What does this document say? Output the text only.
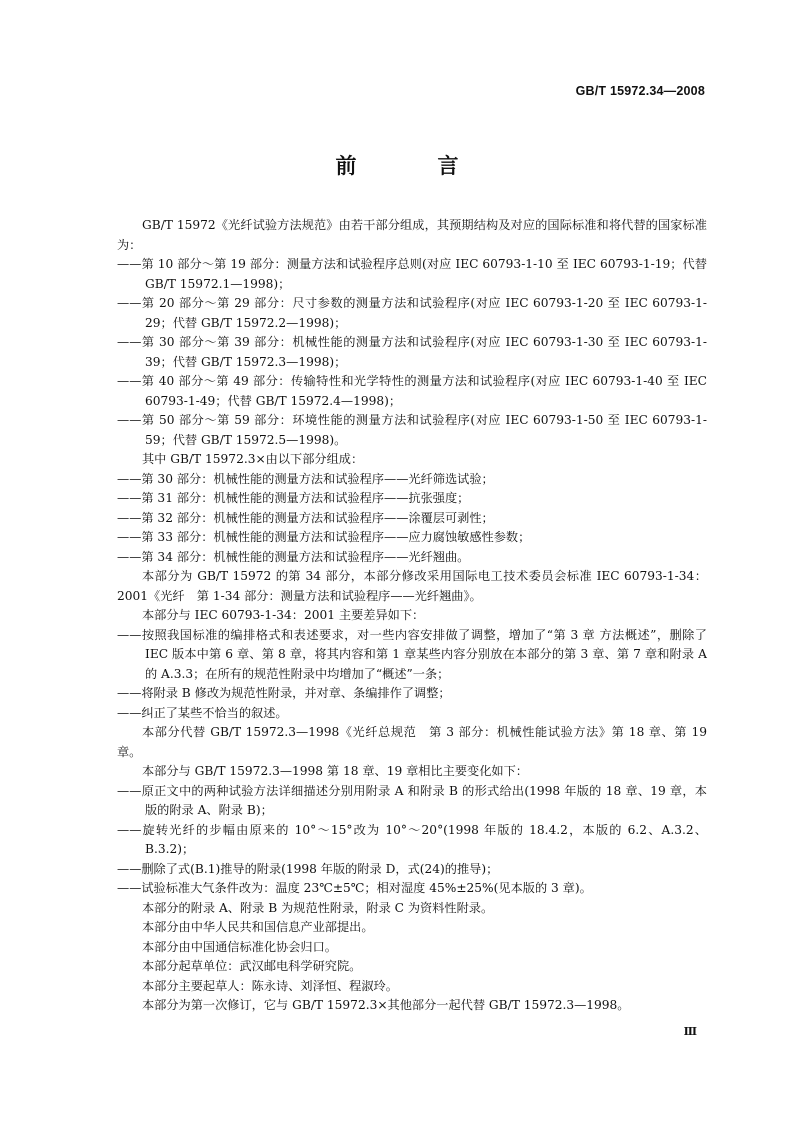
GB/T 15972.34—2008
前　言

GB/T 15972《光纤试验方法规范》由若干部分组成，其预期结构及对应的国际标准和将代替的国家标准为：

——第 10 部分～第 19 部分：测量方法和试验程序总则(对应 IEC 60793-1-10 至 IEC 60793-1-19；代替 GB/T 15972.1—1998)；

——第 20 部分～第 29 部分：尺寸参数的测量方法和试验程序(对应 IEC 60793-1-20 至 IEC 60793-1-29；代替 GB/T 15972.2—1998)；

——第 30 部分～第 39 部分：机械性能的测量方法和试验程序(对应 IEC 60793-1-30 至 IEC 60793-1-39；代替 GB/T 15972.3—1998)；

——第 40 部分～第 49 部分：传输特性和光学特性的测量方法和试验程序(对应 IEC 60793-1-40 至 IEC 60793-1-49；代替 GB/T 15972.4—1998)；

——第 50 部分～第 59 部分：环境性能的测量方法和试验程序(对应 IEC 60793-1-50 至 IEC 60793-1-59；代替 GB/T 15972.5—1998)。

其中 GB/T 15972.3×由以下部分组成：

——第 30 部分：机械性能的测量方法和试验程序——光纤筛选试验；

——第 31 部分：机械性能的测量方法和试验程序——抗张强度；

——第 32 部分：机械性能的测量方法和试验程序——涂覆层可剥性；

——第 33 部分：机械性能的测量方法和试验程序——应力腐蚀敏感性参数；

——第 34 部分：机械性能的测量方法和试验程序——光纤翘曲。

本部分为 GB/T 15972 的第 34 部分，本部分修改采用国际电工技术委员会标准 IEC 60793-1-34：2001《光纤　第 1-34 部分：测量方法和试验程序——光纤翘曲》。

本部分与 IEC 60793-1-34：2001 主要差异如下：

——按照我国标准的编排格式和表述要求，对一些内容安排做了调整，增加了“第 3 章 方法概述”，删除了 IEC 版本中第 6 章、第 8 章，将其内容和第 1 章某些内容分别放在本部分的第 3 章、第 7 章和附录 A 的 A.3.3；在所有的规范性附录中均增加了“概述”一条；

——将附录 B 修改为规范性附录，并对章、条编排作了调整；

——纠正了某些不恰当的叙述。

本部分代替 GB/T 15972.3—1998《光纤总规范　第 3 部分：机械性能试验方法》第 18 章、第 19 章。

本部分与 GB/T 15972.3—1998 第 18 章、19 章相比主要变化如下：

——原正文中的两种试验方法详细描述分别用附录 A 和附录 B 的形式给出(1998 年版的 18 章、19 章，本版的附录 A、附录 B)；

——旋转光纤的步幅由原来的 10°～15°改为 10°～20°(1998 年版的 18.4.2，本版的 6.2、A.3.2、B.3.2)；

——删除了式(B.1)推导的附录(1998 年版的附录 D，式(24)的推导)；

——试验标准大气条件改为：温度 23℃±5℃；相对湿度 45%±25%(见本版的 3 章)。

本部分的附录 A、附录 B 为规范性附录，附录 C 为资料性附录。

本部分由中华人民共和国信息产业部提出。

本部分由中国通信标准化协会归口。

本部分起草单位：武汉邮电科学研究院。

本部分主要起草人：陈永诗、刘泽恒、程淑玲。

本部分为第一次修订，它与 GB/T 15972.3×其他部分一起代替 GB/T 15972.3—1998。

Ⅲ
